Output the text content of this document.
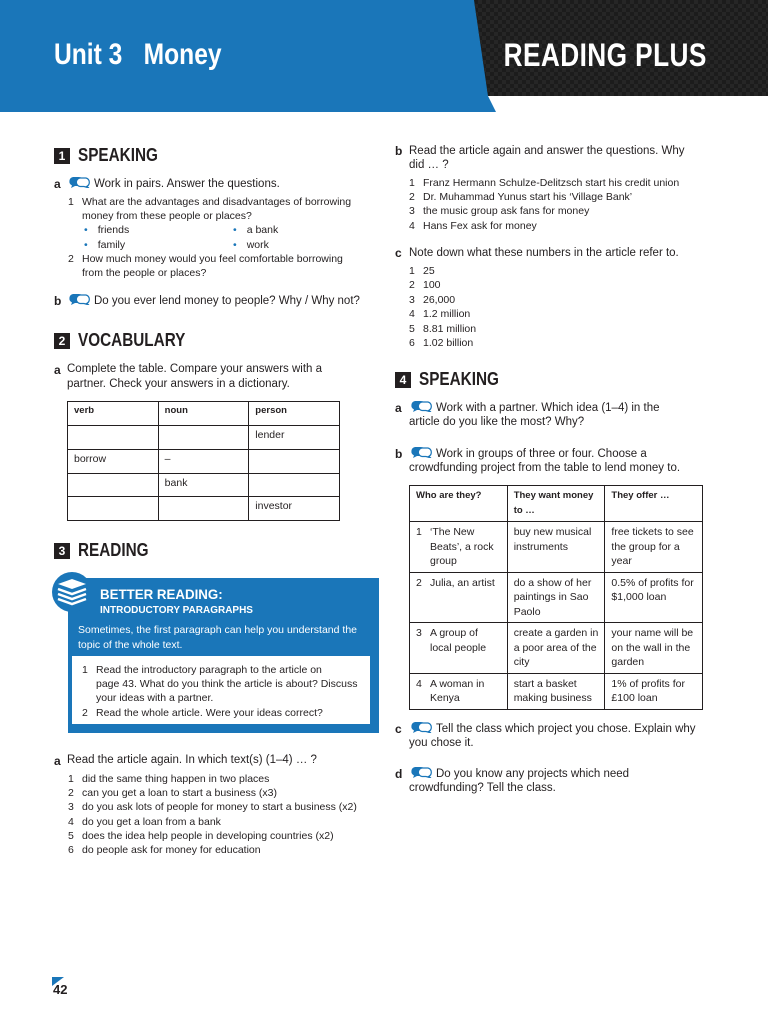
Unit 3 Money	READING PLUS
1 SPEAKING
a	Work in pairs. Answer the questions.
1 What are the advantages and disadvantages of borrowing
money from these people or places?
• friends	• a bank
• family	• work
2 How much money would you feel comfortable borrowing
from the people or places?
b	Do you ever lend money to people? Why / Why not?
2 VOCABULARY
a Complete the table. Compare your answers with a
partner. Check your answers in a dictionary.
verb	noun	person
		lender
borrow	–	
	bank	
		investor
3 READING
BETTER READING:
INTRODUCTORY PARAGRAPHS
Sometimes, the first paragraph can help you understand the
topic of the whole text.
1 Read the introductory paragraph to the article on
page 43. What do you think the article is about? Discuss
your ideas with a partner.
2 Read the whole article. Were your ideas correct?
a Read the article again. In which text(s) (1–4) … ?
1 did the same thing happen in two places
2 can you get a loan to start a business (x3)
3 do you ask lots of people for money to start a business (x2)
4 do you get a loan from a bank
5 does the idea help people in developing countries (x2)
6 do people ask for money for education
b Read the article again and answer the questions. Why
did … ?
1 Franz Hermann Schulze-Delitzsch start his credit union
2 Dr. Muhammad Yunus start his ‘Village Bank’
3 the music group ask fans for money
4 Hans Fex ask for money
c Note down what these numbers in the article refer to.
1 25
2 100
3 26,000
4 1.2 million
5 8.81 million
6 1.02 billion
4 SPEAKING
a	Work with a partner. Which idea (1–4) in the
article do you like the most? Why?
b	Work in groups of three or four. Choose a
crowdfunding project from the table to lend money to.
Who are they?	They want money to …	They offer …

1 ‘The New Beats’, a rock group	buy new musical instruments	free tickets to see the group for a year

2 Julia, an artist	do a show of her paintings in Sao Paolo	0.5% of profits for $1,000 loan

3 A group of local people	create a garden in a poor area of the city	your name will be on the wall in the garden

4 A woman in Kenya	start a basket making business	1% of profits for £100 loan
c	Tell the class which project you chose. Explain why
you chose it.
d	Do you know any projects which need
crowdfunding? Tell the class.
42
